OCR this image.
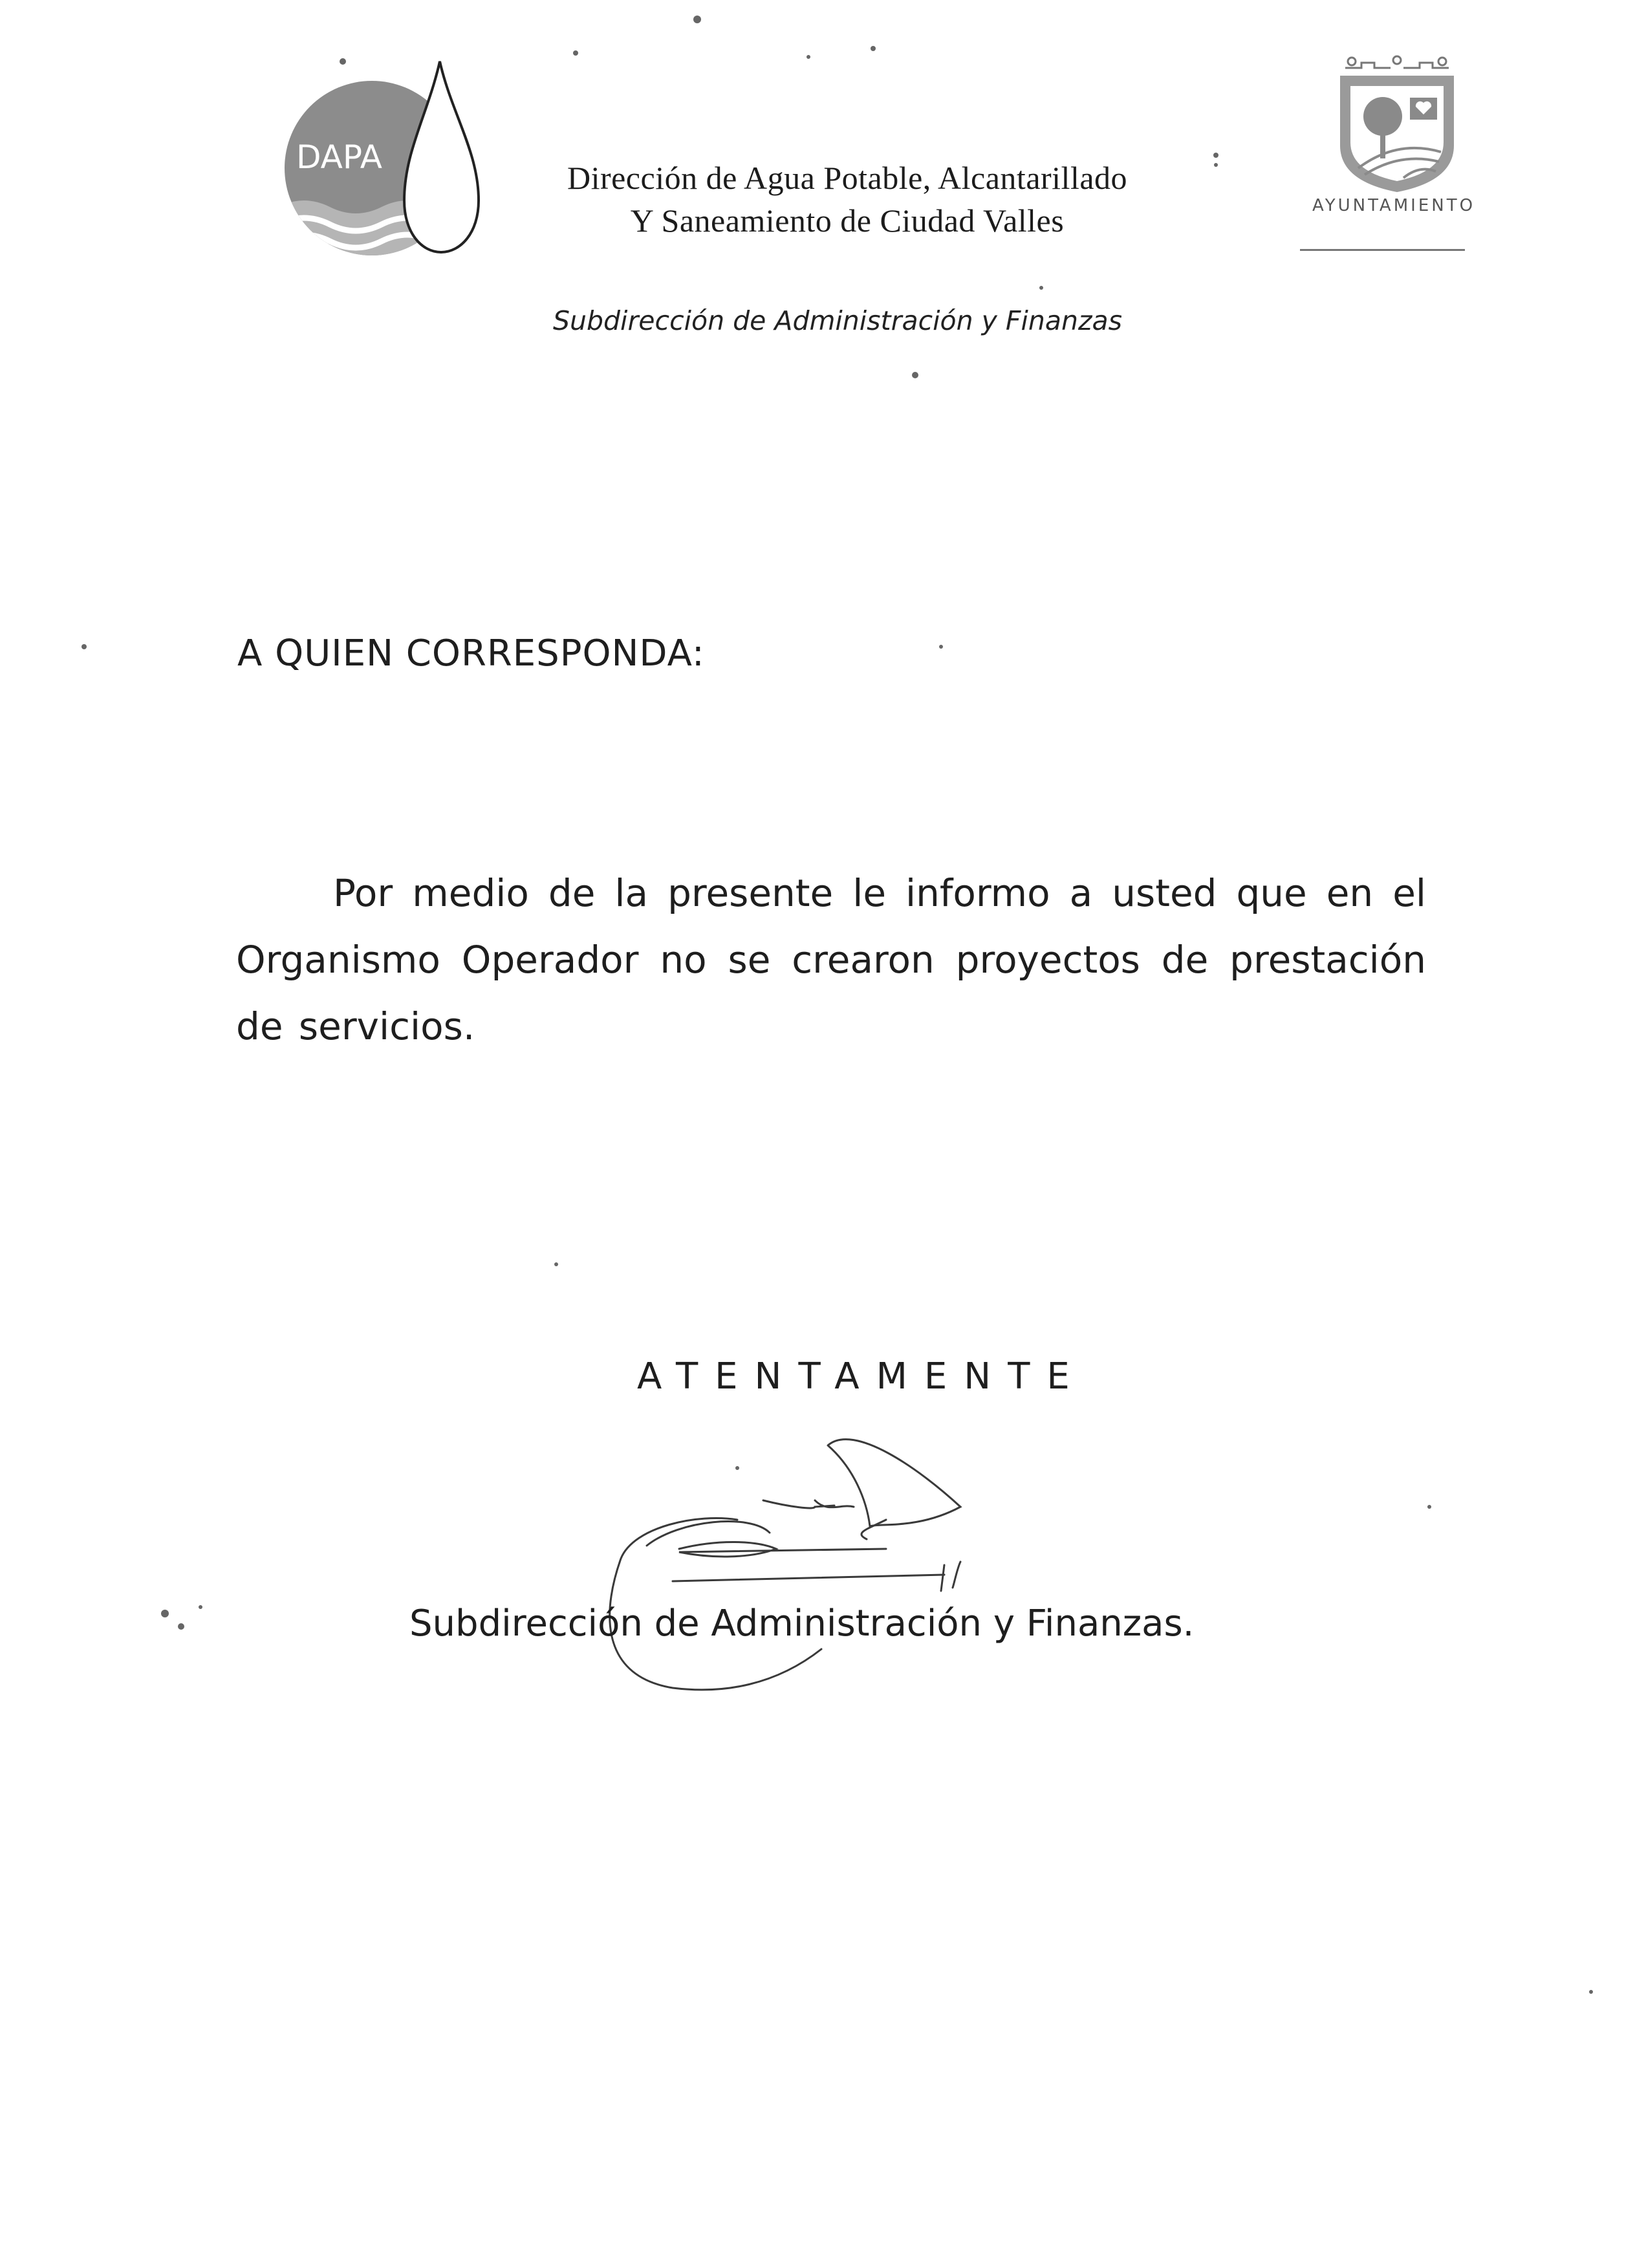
DAPA
Dirección de Agua Potable, Alcantarillado
Y Saneamiento de Ciudad Valles
Subdirección de Administración y Finanzas
AYUNTAMIENTO
A QUIEN CORRESPONDA:
Por medio de la presente le informo a usted que en el Organismo Operador no se crearon proyectos de prestación de servicios.
ATENTAMENTE
Subdirección de Administración y Finanzas.
